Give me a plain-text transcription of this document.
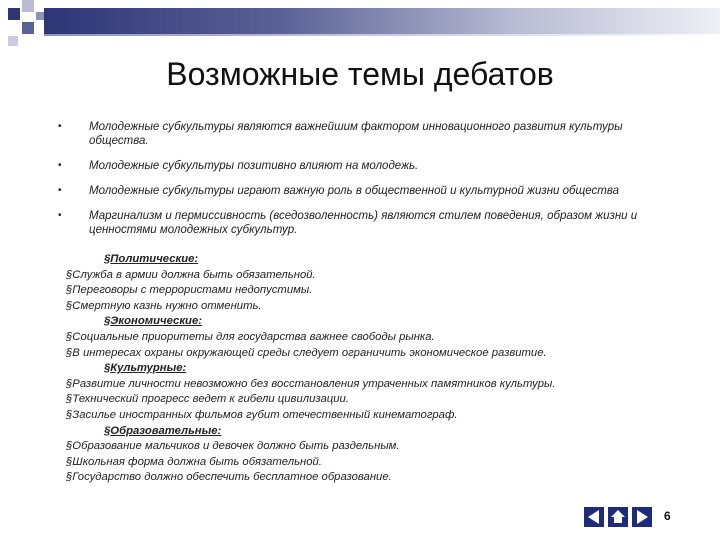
Возможные темы дебатов
• Молодежные субкультуры являются важнейшим фактором инновационного развития культуры общества.
• Молодежные субкультуры позитивно влияют на молодежь.
• Молодежные субкультуры играют важную роль в общественной и культурной жизни общества
• Маргинализм и пермиссивность (вседозволенность) являются стилем поведения, образом жизни и ценностями молодежных субкультур.
§Политические:
§Служба в армии должна быть обязательной.
§Переговоры с террористами недопустимы.
§Смертную казнь нужно отменить.
§Экономические:
§Социальные приоритеты для государства важнее свободы рынка.
§В интересах охраны окружающей среды следует ограничить экономическое развитие.
§Культурные:
§Развитие личности невозможно без восстановления утраченных памятников культуры.
§Технический прогресс ведет к гибели цивилизации.
§Засилье иностранных фильмов губит отечественный кинематограф.
§Образовательные:
§Образование мальчиков и девочек должно быть раздельным.
§Школьная форма должна быть обязательной.
§Государство должно обеспечить бесплатное образование.
6
